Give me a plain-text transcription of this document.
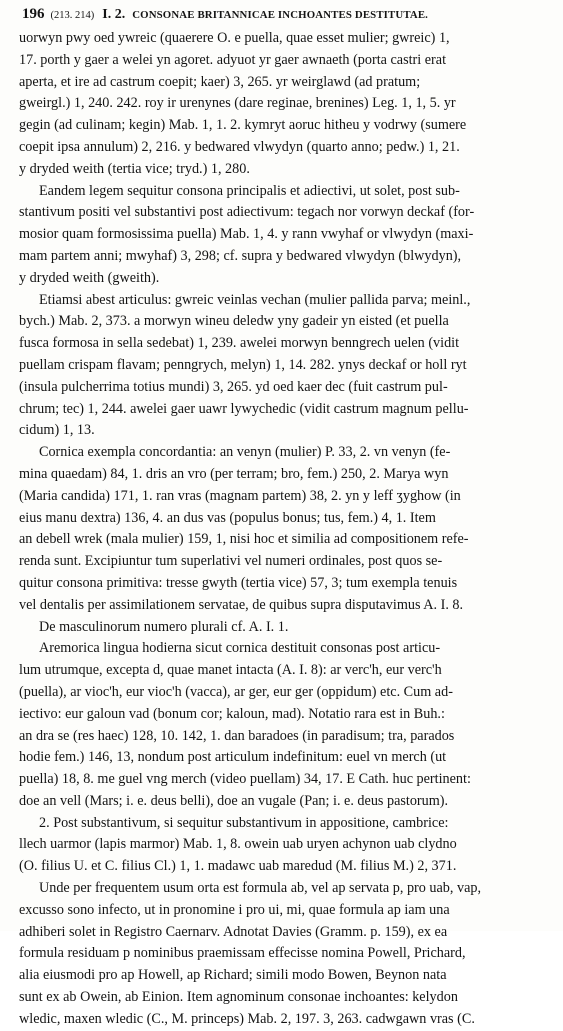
196 (213. 214) I. 2. CONSONAE BRITANNICAE INCHOANTES DESTITUTAE.
uorwyn pwy oed ywreic (quaerere O. e puella, quae esset mulier; gwreic) 1,
17. porth y gaer a welei yn agoret. adyuot yr gaer awnaeth (porta castri erat
aperta, et ire ad castrum coepit; kaer) 3, 265. yr weirglawd (ad pratum;
gweirgl.) 1, 240. 242. roy ir urenynes (dare reginae, brenines) Leg. 1, 1, 5. yr
gegin (ad culinam; kegin) Mab. 1, 1. 2. kymryt aoruc hitheu y vodrwy (sumere
coepit ipsa annulum) 2, 216. y bedwared vlwydyn (quarto anno; pedw.) 1, 21.
y dryded weith (tertia vice; tryd.) 1, 280.
Eandem legem sequitur consona principalis et adiectivi, ut solet, post sub-
stantivum positi vel substantivi post adiectivum: tegach nor vorwyn deckaf (for-
mosior quam formosissima puella) Mab. 1, 4. y rann vwyhaf or vlwydyn (maxi-
mam partem anni; mwyhaf) 3, 298; cf. supra y bedwared vlwydyn (blwydyn),
y dryded weith (gweith).
Etiamsi abest articulus: gwreic veinlas vechan (mulier pallida parva; meinl.,
bych.) Mab. 2, 373. a morwyn wineu deledw yny gadeir yn eisted (et puella
fusca formosa in sella sedebat) 1, 239. awelei morwyn benngrech uelen (vidit
puellam crispam flavam; penngrych, melyn) 1, 14. 282. ynys deckaf or holl ryt
(insula pulcherrima totius mundi) 3, 265. yd oed kaer dec (fuit castrum pul-
chrum; tec) 1, 244. awelei gaer uawr lywychedic (vidit castrum magnum pellu-
cidum) 1, 13.
Cornica exempla concordantia: an venyn (mulier) P. 33, 2. vn venyn (fe-
mina quaedam) 84, 1. dris an vro (per terram; bro, fem.) 250, 2. Marya wyn
(Maria candida) 171, 1. ran vras (magnam partem) 38, 2. yn y leff ʒyghow (in
eius manu dextra) 136, 4. an dus vas (populus bonus; tus, fem.) 4, 1. Item
an debell wrek (mala mulier) 159, 1, nisi hoc et similia ad compositionem refe-
renda sunt. Excipiuntur tum superlativi vel numeri ordinales, post quos se-
quitur consona primitiva: tresse gwyth (tertia vice) 57, 3; tum exempla tenuis
vel dentalis per assimilationem servatae, de quibus supra disputavimus A. I. 8.
De masculinorum numero plurali cf. A. I. 1.
Aremorica lingua hodierna sicut cornica destituit consonas post articu-
lum utrumque, excepta d, quae manet intacta (A. I. 8): ar verc'h, eur verc'h
(puella), ar vioc'h, eur vioc'h (vacca), ar ger, eur ger (oppidum) etc. Cum ad-
iectivo: eur galoun vad (bonum cor; kaloun, mad). Notatio rara est in Buh.:
an dra se (res haec) 128, 10. 142, 1. dan baradoes (in paradisum; tra, parados
hodie fem.) 146, 13, nondum post articulum indefinitum: euel vn merch (ut
puella) 18, 8. me guel vng merch (video puellam) 34, 17. E Cath. huc pertinent:
doe an vell (Mars; i. e. deus belli), doe an vugale (Pan; i. e. deus pastorum).
2. Post substantivum, si sequitur substantivum in appositione, cambrice:
llech uarmor (lapis marmor) Mab. 1, 8. owein uab uryen achynon uab clydno
(O. filius U. et C. filius Cl.) 1, 1. madawc uab maredud (M. filius M.) 2, 371.
Unde per frequentem usum orta est formula ab, vel ap servata p, pro uab, vap,
excusso sono infecto, ut in pronomine i pro ui, mi, quae formula ap iam una
adhiberi solet in Registro Caernarv. Adnotat Davies (Gramm. p. 159), ex ea
formula residuam p nominibus praemissam effecisse nomina Powell, Prichard,
alia eiusmodi pro ap Howell, ap Richard; simili modo Bowen, Beynon nata
sunt ex ab Owein, ab Einion. Item agnominum consonae inchoantes: kelydon
wledic, maxen wledic (C., M. princeps) Mab. 2, 197. 3, 263. cadwgawn vras (C.
